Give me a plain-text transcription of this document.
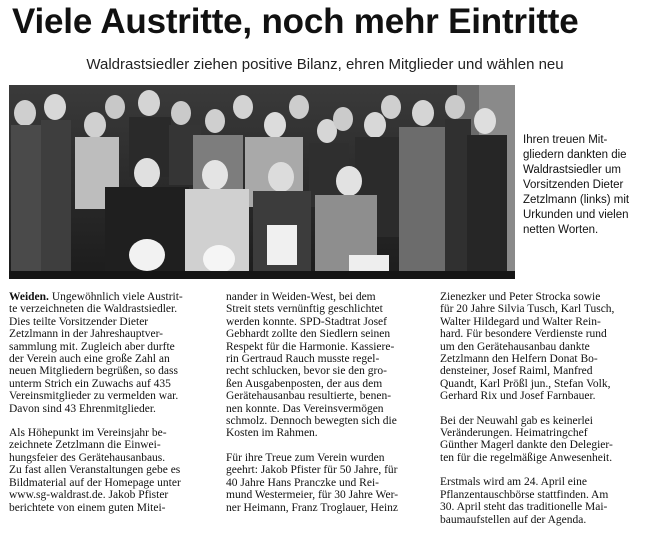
Viele Austritte, noch mehr Eintritte
Waldrastsiedler ziehen positive Bilanz, ehren Mitglieder und wählen neu
Ihren treuen Mit-
gliedern dankten die
Waldrastsiedler um
Vorsitzenden Dieter
Zetzlmann (links) mit
Urkunden und vielen
netten Worten.
Weiden. Ungewöhnlich viele Austrit-
te verzeichneten die Waldrastsiedler.
Dies teilte Vorsitzender Dieter
Zetzlmann in der Jahreshauptver-
sammlung mit. Zugleich aber durfte
der Verein auch eine große Zahl an
neuen Mitgliedern begrüßen, so dass
unterm Strich ein Zuwachs auf 435
Vereinsmitglieder zu vermelden war.
Davon sind 43 Ehrenmitglieder.
Als Höhepunkt im Vereinsjahr be-
zeichnete Zetzlmann die Einwei-
hungsfeier des Gerätehausanbaus.
Zu fast allen Veranstaltungen gebe es
Bildmaterial auf der Homepage unter
www.sg-waldrast.de. Jakob Pfister
berichtete von einem guten Mitei-
nander in Weiden-West, bei dem
Streit stets vernünftig geschlichtet
werden konnte. SPD-Stadtrat Josef
Gebhardt zollte den Siedlern seinen
Respekt für die Harmonie. Kassiere-
rin Gertraud Rauch musste regel-
recht schlucken, bevor sie den gro-
ßen Ausgabenposten, der aus dem
Gerätehausanbau resultierte, benen-
nen konnte. Das Vereinsvermögen
schmolz. Dennoch bewegten sich die
Kosten im Rahmen.
Für ihre Treue zum Verein wurden
geehrt: Jakob Pfister für 50 Jahre, für
40 Jahre Hans Pranczke und Rei-
mund Westermeier, für 30 Jahre Wer-
ner Heimann, Franz Troglauer, Heinz
Zienezker und Peter Strocka sowie
für 20 Jahre Silvia Tusch, Karl Tusch,
Walter Hildegard und Walter Rein-
hard. Für besondere Verdienste rund
um den Gerätehausanbau dankte
Zetzlmann den Helfern Donat Bo-
densteiner, Josef Raiml, Manfred
Quandt, Karl Prößl jun., Stefan Volk,
Gerhard Rix und Josef Farnbauer.
Bei der Neuwahl gab es keinerlei
Veränderungen. Heimatringchef
Günther Magerl dankte den Delegier-
ten für die regelmäßige Anwesenheit.
Erstmals wird am 24. April eine
Pflanzentauschbörse stattfinden. Am
30. April steht das traditionelle Mai-
baumaufstellen auf der Agenda.
